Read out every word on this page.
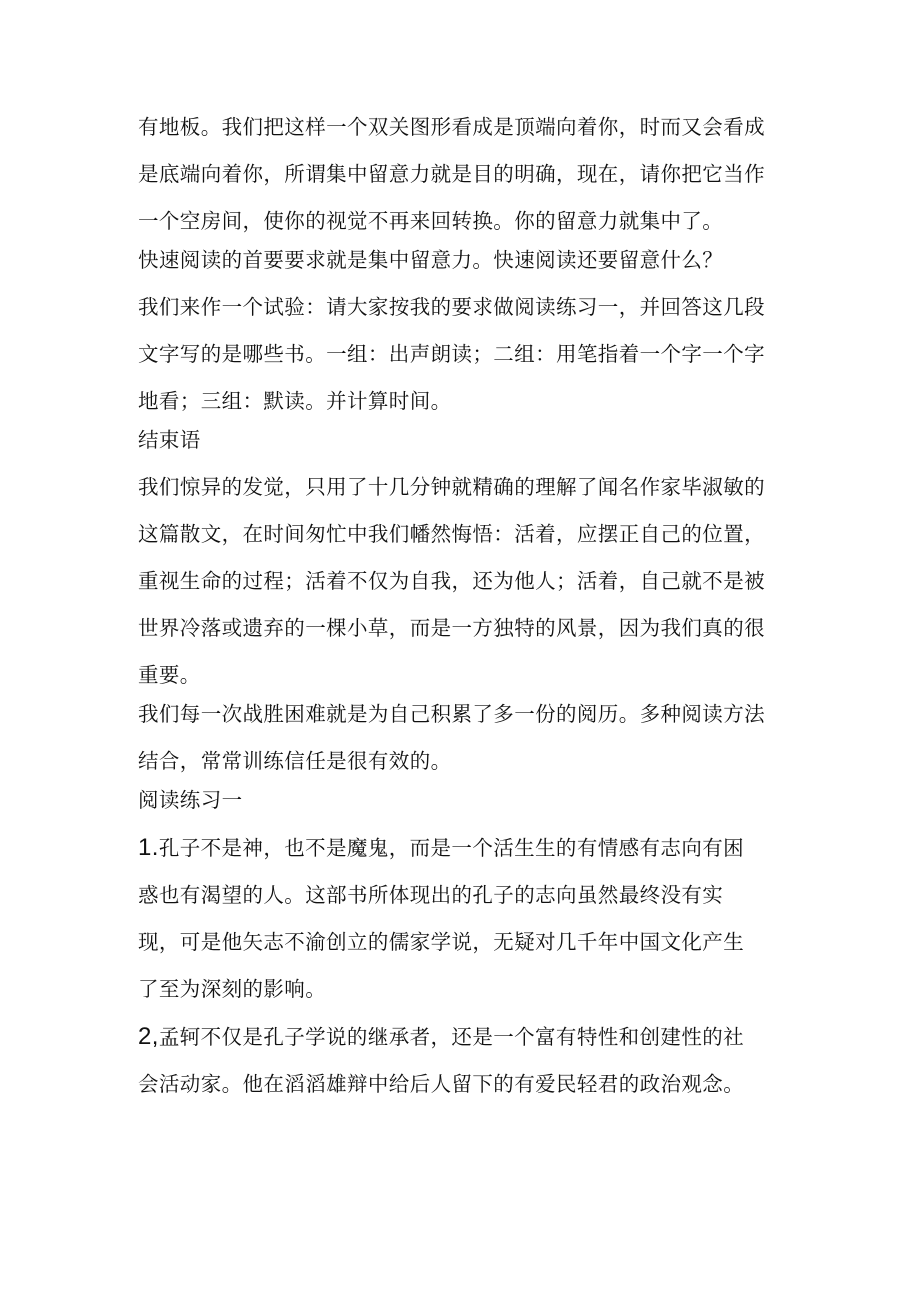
有地板。我们把这样一个双关图形看成是顶端向着你，时而又会看成

是底端向着你，所谓集中留意力就是目的明确，现在，请你把它当作

一个空房间，使你的视觉不再来回转换。你的留意力就集中了。

快速阅读的首要要求就是集中留意力。快速阅读还要留意什么？

我们来作一个试验：请大家按我的要求做阅读练习一，并回答这几段

文字写的是哪些书。一组：出声朗读；二组：用笔指着一个字一个字

地看；三组：默读。并计算时间。

结束语

我们惊异的发觉，只用了十几分钟就精确的理解了闻名作家毕淑敏的

这篇散文，在时间匆忙中我们幡然悔悟：活着，应摆正自己的位置，

重视生命的过程；活着不仅为自我，还为他人；活着，自己就不是被

世界冷落或遗弃的一棵小草，而是一方独特的风景，因为我们真的很

重要。

我们每一次战胜困难就是为自己积累了多一份的阅历。多种阅读方法

结合，常常训练信任是很有效的。

阅读练习一

1.孔子不是神，也不是魔鬼，而是一个活生生的有情感有志向有困

惑也有渴望的人。这部书所体现出的孔子的志向虽然最终没有实

现，可是他矢志不渝创立的儒家学说，无疑对几千年中国文化产生

了至为深刻的影响。

2,孟轲不仅是孔子学说的继承者，还是一个富有特性和创建性的社

会活动家。他在滔滔雄辩中给后人留下的有爱民轻君的政治观念。
